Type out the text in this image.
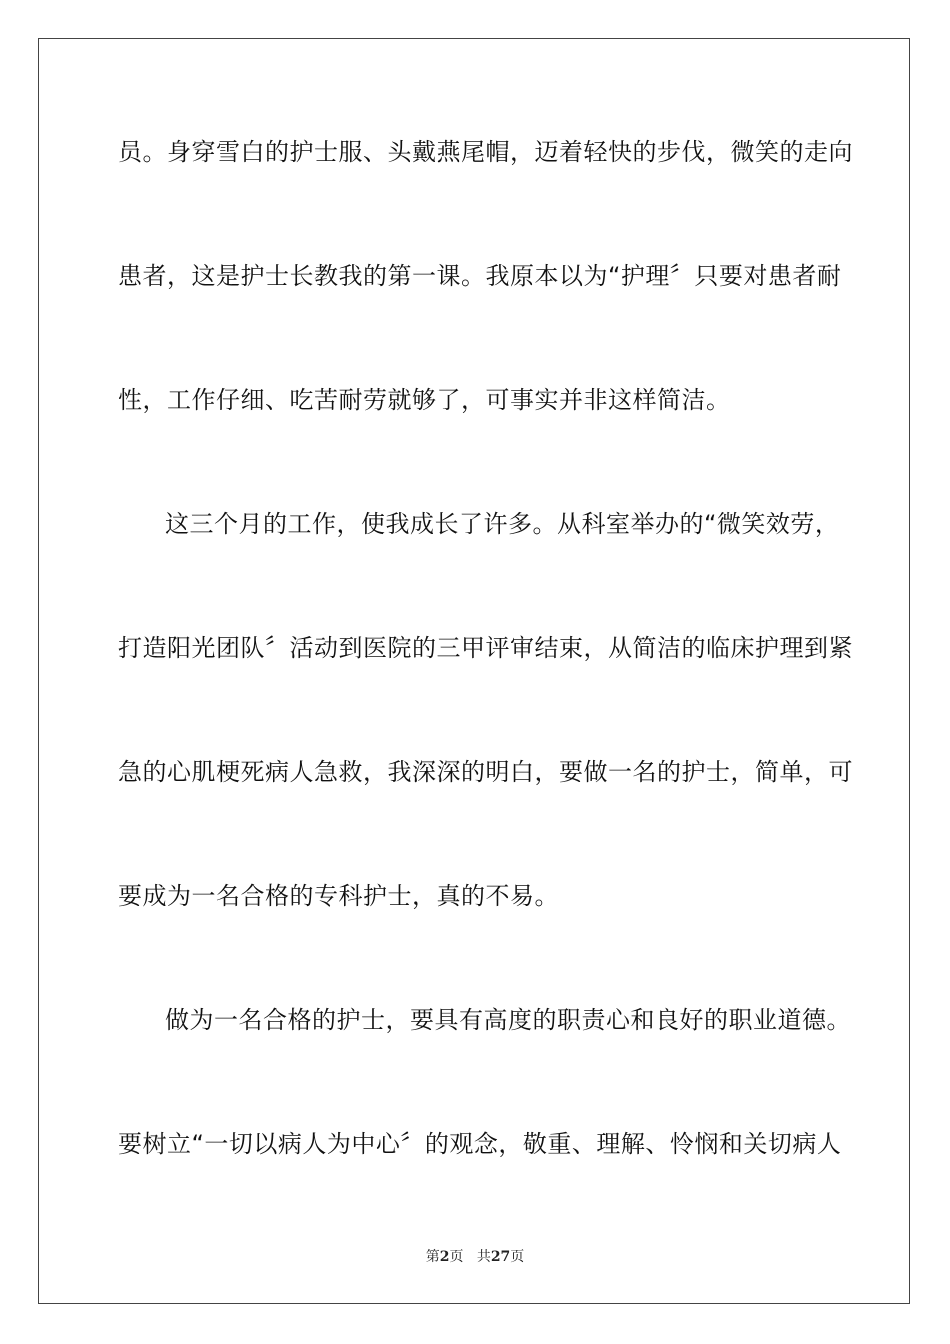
员。身穿雪白的护士服、头戴燕尾帽，迈着轻快的步伐，微笑的走向
患者，这是护士长教我的第一课。我原本以为“护理〞只要对患者耐
性，工作仔细、吃苦耐劳就够了，可事实并非这样简洁。
这三个月的工作，使我成长了许多。从科室举办的“微笑效劳，
打造阳光团队〞活动到医院的三甲评审结束，从简洁的临床护理到紧
急的心肌梗死病人急救，我深深的明白，要做一名的护士，简单，可
要成为一名合格的专科护士，真的不易。
做为一名合格的护士，要具有高度的职责心和良好的职业道德。
要树立“一切以病人为中心〞的观念，敬重、理解、怜悯和关切病人
第2页 共27页
